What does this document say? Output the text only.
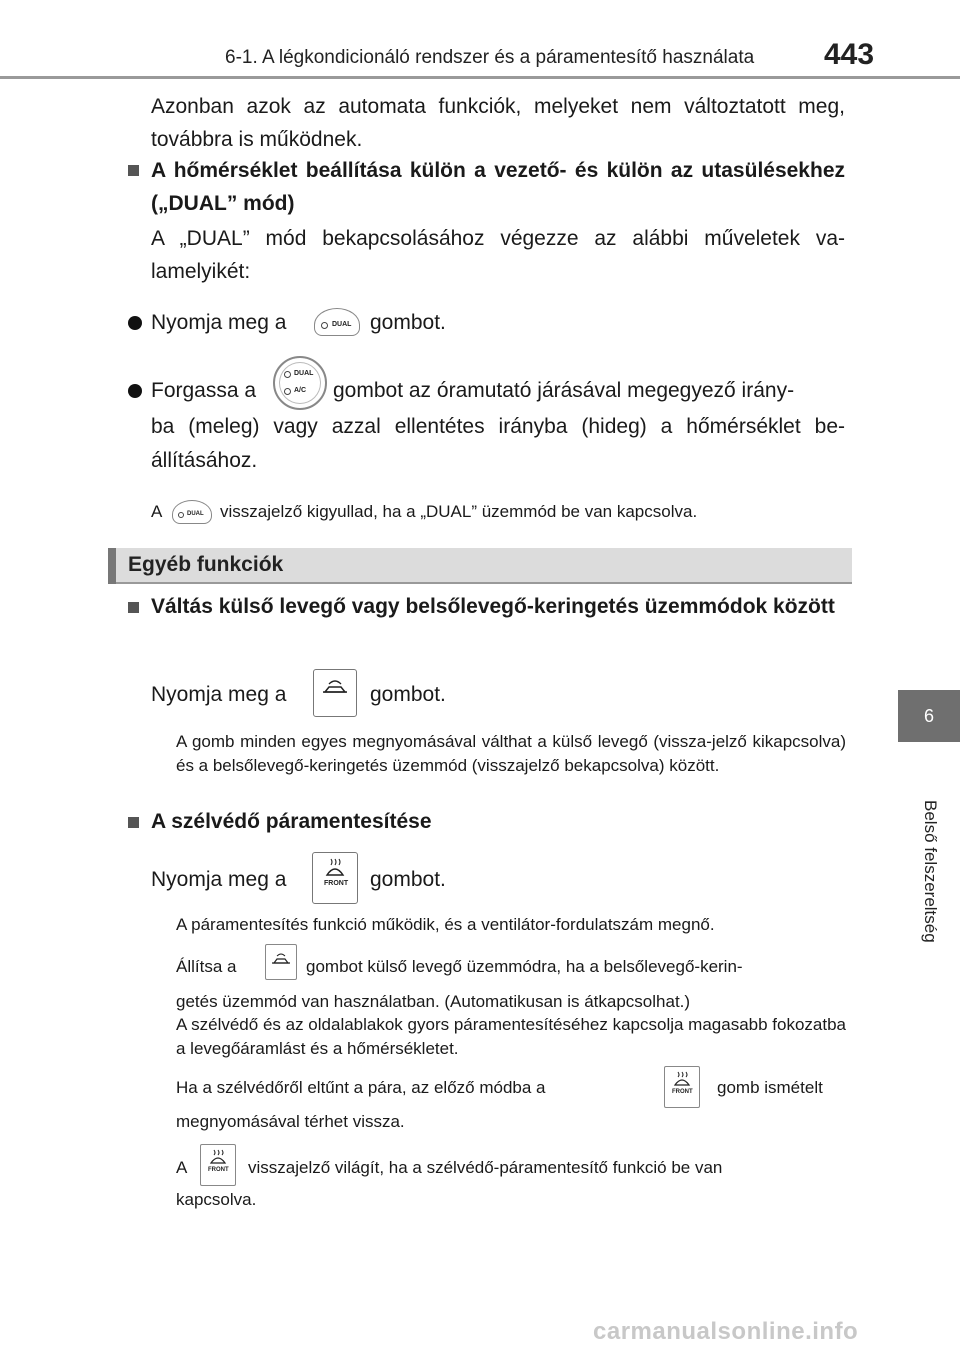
6-1. A légkondicionáló rendszer és a páramentesítő használata 443
6
Belső felszereltség
Azonban azok az automata funkciók, melyeket nem változtatott meg, továbbra is működnek.
A hőmérséklet beállítása külön a vezető- és külön az utasülésekhez („DUAL” mód)
A „DUAL” mód bekapcsolásához végezze az alábbi műveletek va-lamelyikét:
Nyomja meg a	DUAL gombot.
Forgassa a
DUAL
A/C gombot az óramutató járásával megegyező irány-
ba (meleg) vagy azzal ellentétes irányba (hideg) a hőmérséklet be-állításához.
A	DUAL visszajelző kigyullad, ha a „DUAL” üzemmód be van kapcsolva.
Egyéb funkciók
Váltás külső levegő vagy belsőlevegő-keringetés üzemmódok között
Nyomja meg a	gombot.
A gomb minden egyes megnyomásával válthat a külső levegő (vissza-jelző kikapcsolva) és a belsőlevegő-keringetés üzemmód (visszajelző bekapcsolva) között.
A szélvédő páramentesítése
Nyomja meg a	FRONT gombot.
A páramentesítés funkció működik, és a ventilátor-fordulatszám megnő.
Állítsa a	gombot külső levegő üzemmódra, ha a belsőlevegő-kerin-
getés üzemmód van használatban. (Automatikusan is átkapcsolhat.)
A szélvédő és az oldalablakok gyors páramentesítéséhez kapcsolja magasabb fokozatba a levegőáramlást és a hőmérsékletet.
Ha a szélvédőről eltűnt a pára, az előző módba a	FRONT gomb ismételt
megnyomásával térhet vissza.
A	FRONT visszajelző világít, ha a szélvédő-páramentesítő funkció be van
kapcsolva.
carmanualsonline.info
